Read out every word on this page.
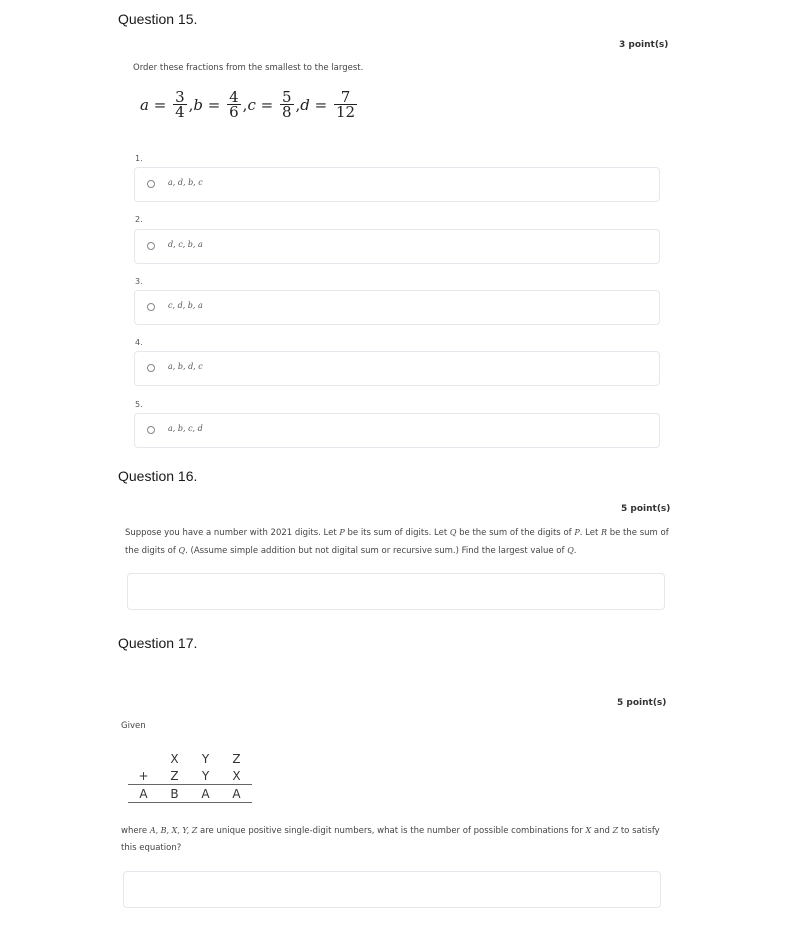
Question 15.
3 point(s)
Order these fractions from the smallest to the largest.
$a = \frac{3}{4}$ , $b = \frac{4}{6}$ , $c = \frac{5}{8}$ , $d = \frac{7}{12}$
1.
a, d, b, c
2.
d, c, b, a
3.
c, d, b, a
4.
a, b, d, c
5.
a, b, c, d
Question 16.
5 point(s)
Suppose you have a number with 2021 digits. Let P be its sum of digits. Let Q be the sum of the digits of P. Let R be the sum of the digits of Q. (Assume simple addition but not digital sum or recursive sum.) Find the largest value of Q.
Question 17.
5 point(s)
Given
	X	Y	Z
+	Z	Y	X
A	B	A	A
where A, B, X, Y, Z are unique positive single-digit numbers, what is the number of possible combinations for X and Z to satisfy this equation?
